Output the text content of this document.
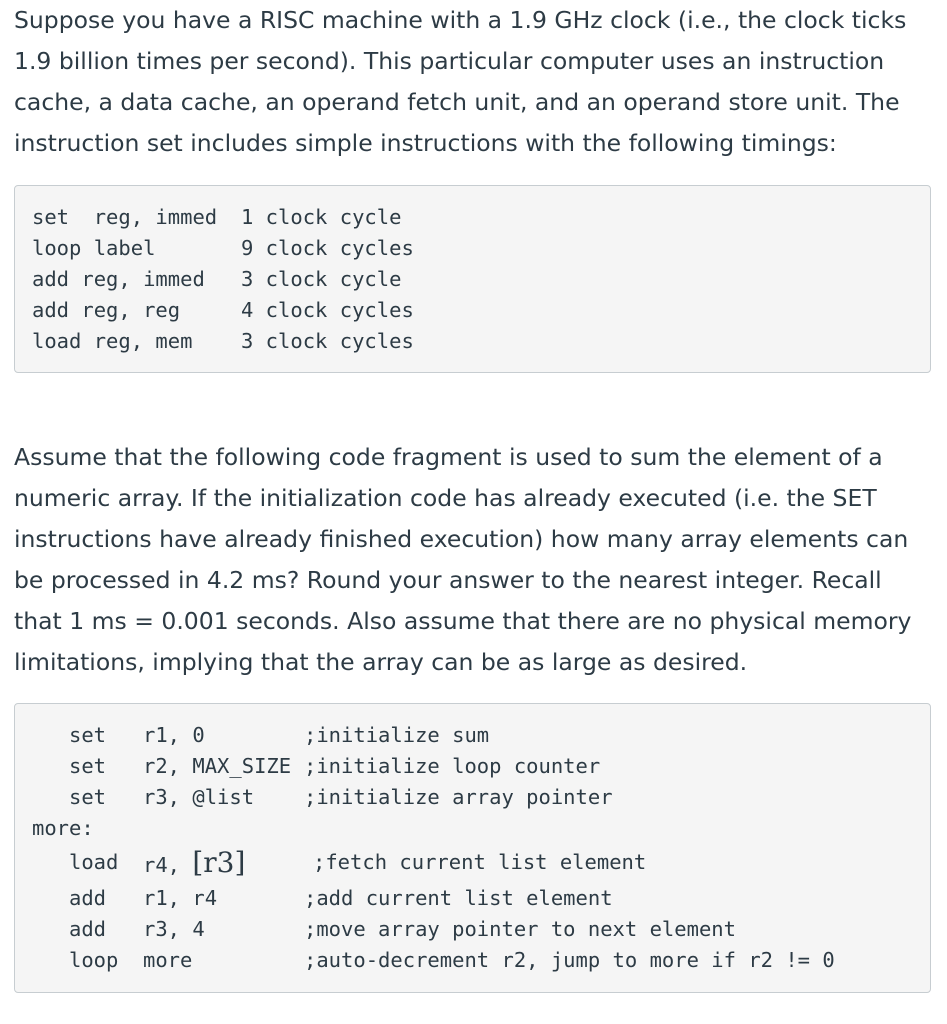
Suppose you have a RISC machine with a 1.9 GHz clock (i.e., the clock ticks 1.9 billion times per second). This particular computer uses an instruction cache, a data cache, an operand fetch unit, and an operand store unit. The instruction set includes simple instructions with the following timings:

set  reg, immed 1 clock cycle
loop label	9 clock cycles
add reg, immed 3 clock cycle
add reg, reg	4 clock cycles
load reg, mem 3 clock cycles

Assume that the following code fragment is used to sum the element of a numeric array. If the initialization code has already executed (i.e. the SET instructions have already finished execution) how many array elements can be processed in 4.2 ms? Round your answer to the nearest integer. Recall that 1 ms = 0.001 seconds. Also assume that there are no physical memory limitations, implying that the array can be as large as desired.

set r1, 0	;initialize sum
set r2, MAX_SIZE ;initialize loop counter
set r3, @list ;initialize array pointer
more:
load r4, [r3]	;fetch current list element
add r1, r4	;add current list element
add r3, 4	;move array pointer to next element
loop more	;auto-decrement r2, jump to more if r2 != 0
